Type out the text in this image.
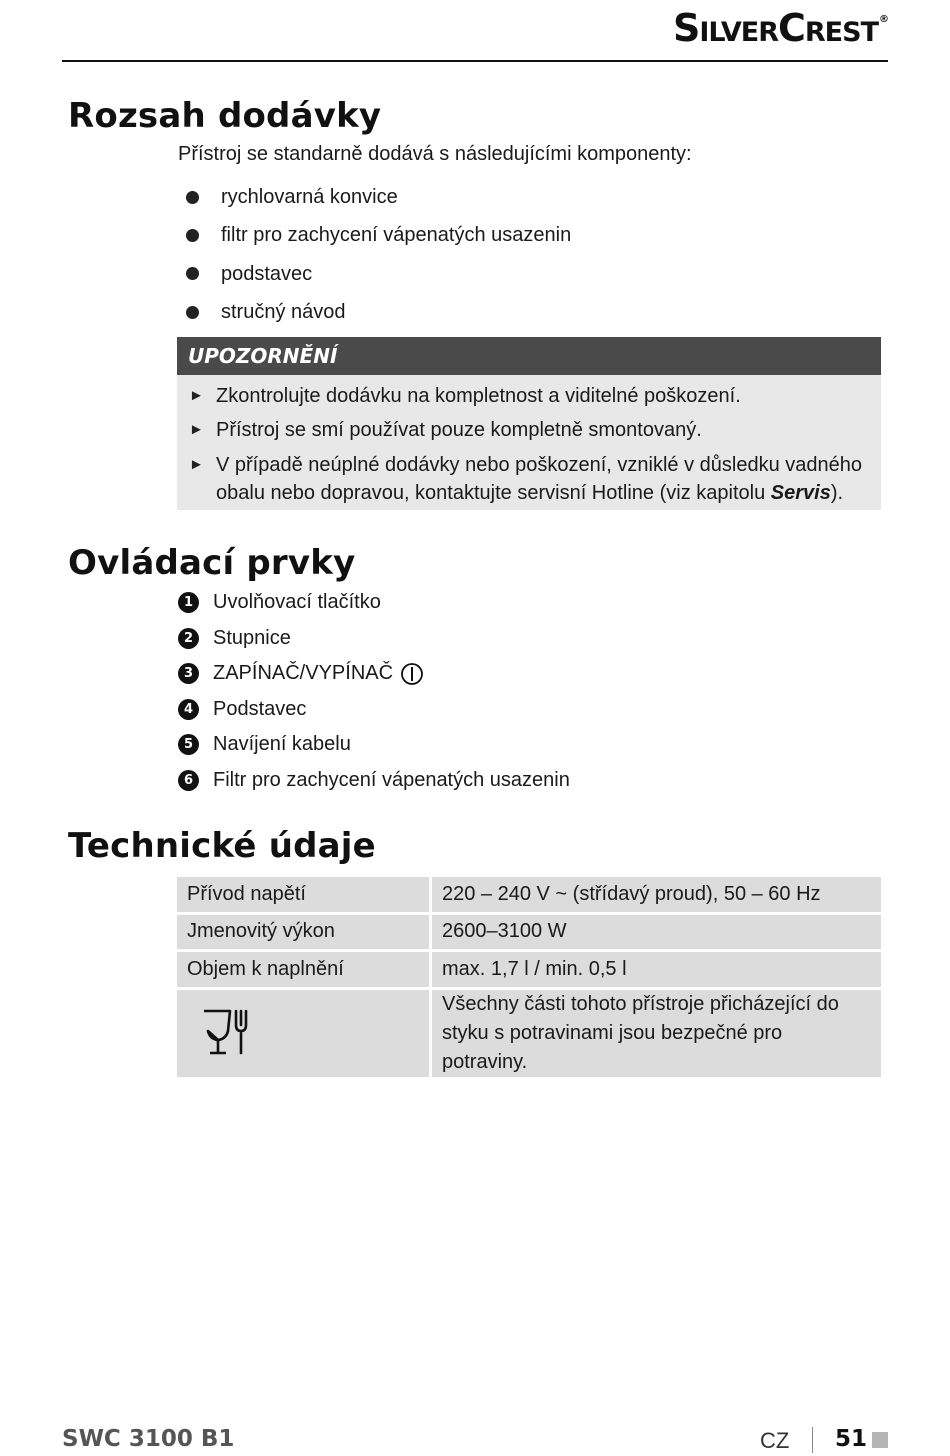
SilverCrest®
Rozsah dodávky

Přístroj se standarně dodává s následujícími komponenty:

rychlovarná konvice
filtr pro zachycení vápenatých usazenin
podstavec
stručný návod
UPOZORNĚNÍ
► Zkontrolujte dodávku na kompletnost a viditelné poškození.
► Přístroj se smí používat pouze kompletně smontovaný.
► V případě neúplné dodávky nebo poškození, vzniklé v důsledku vadného obalu nebo dopravou, kontaktujte servisní Hotline (viz kapitolu Servis).
Ovládací prvky
1 Uvolňovací tlačítko
2 Stupnice
3 ZAPÍNAČ/VYPÍNAČ
4 Podstavec
5 Navíjení kabelu
6 Filtr pro zachycení vápenatých usazenin
Technické údaje
Přívod napětí	220 – 240 V ~ (střídavý proud), 50 – 60 Hz
Jmenovitý výkon	2600–3100 W
Objem k naplnění	max. 1,7 l / min. 0,5 l

	Všechny části tohoto přístroje přicházející do styku s potravinami jsou bezpečné pro potraviny.
SWC 3100 B1	CZ 51
